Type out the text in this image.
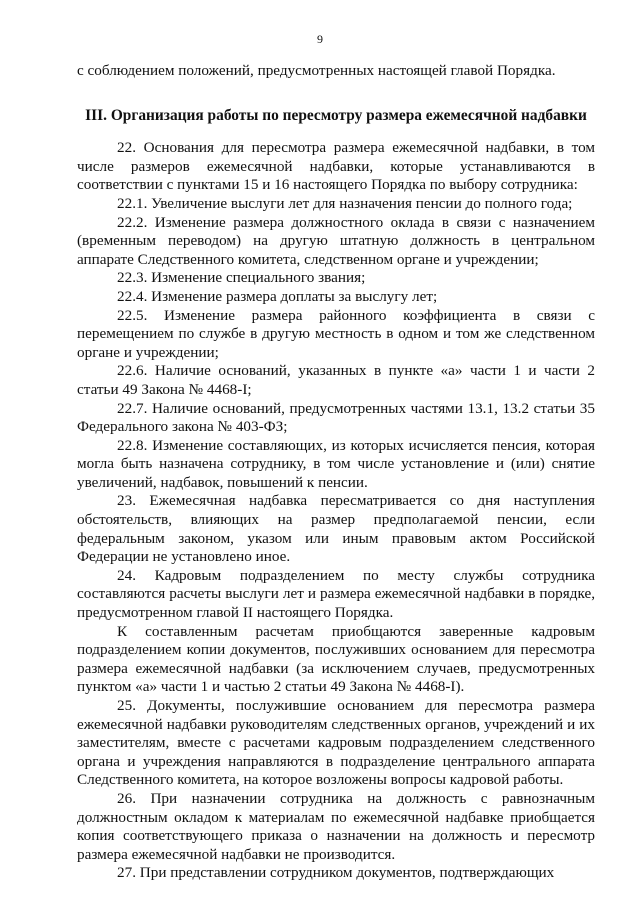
9

с соблюдением положений, предусмотренных настоящей главой Порядка.

III. Организация работы по пересмотру размера ежемесячной надбавки

22. Основания для пересмотра размера ежемесячной надбавки, в том числе размеров ежемесячной надбавки, которые устанавливаются в соответствии с пунктами 15 и 16 настоящего Порядка по выбору сотрудника:

22.1. Увеличение выслуги лет для назначения пенсии до полного года;

22.2. Изменение размера должностного оклада в связи с назначением (временным переводом) на другую штатную должность в центральном аппарате Следственного комитета, следственном органе и учреждении;

22.3. Изменение специального звания;

22.4. Изменение размера доплаты за выслугу лет;

22.5. Изменение размера районного коэффициента в связи с перемещением по службе в другую местность в одном и том же следственном органе и учреждении;

22.6. Наличие оснований, указанных в пункте «а» части 1 и части 2 статьи 49 Закона № 4468-I;

22.7. Наличие оснований, предусмотренных частями 13.1, 13.2 статьи 35 Федерального закона № 403-ФЗ;

22.8. Изменение составляющих, из которых исчисляется пенсия, которая могла быть назначена сотруднику, в том числе установление и (или) снятие увеличений, надбавок, повышений к пенсии.

23. Ежемесячная надбавка пересматривается со дня наступления обстоятельств, влияющих на размер предполагаемой пенсии, если федеральным законом, указом или иным правовым актом Российской Федерации не установлено иное.

24. Кадровым подразделением по месту службы сотрудника составляются расчеты выслуги лет и размера ежемесячной надбавки в порядке, предусмотренном главой II настоящего Порядка.

К составленным расчетам приобщаются заверенные кадровым подразделением копии документов, послуживших основанием для пересмотра размера ежемесячной надбавки (за исключением случаев, предусмотренных пунктом «а» части 1 и частью 2 статьи 49 Закона № 4468-I).

25. Документы, послужившие основанием для пересмотра размера ежемесячной надбавки руководителям следственных органов, учреждений и их заместителям, вместе с расчетами кадровым подразделением следственного органа и учреждения направляются в подразделение центрального аппарата Следственного комитета, на которое возложены вопросы кадровой работы.

26. При назначении сотрудника на должность с равнозначным должностным окладом к материалам по ежемесячной надбавке приобщается копия соответствующего приказа о назначении на должность и пересмотр размера ежемесячной надбавки не производится.

27. При представлении сотрудником документов, подтверждающих
